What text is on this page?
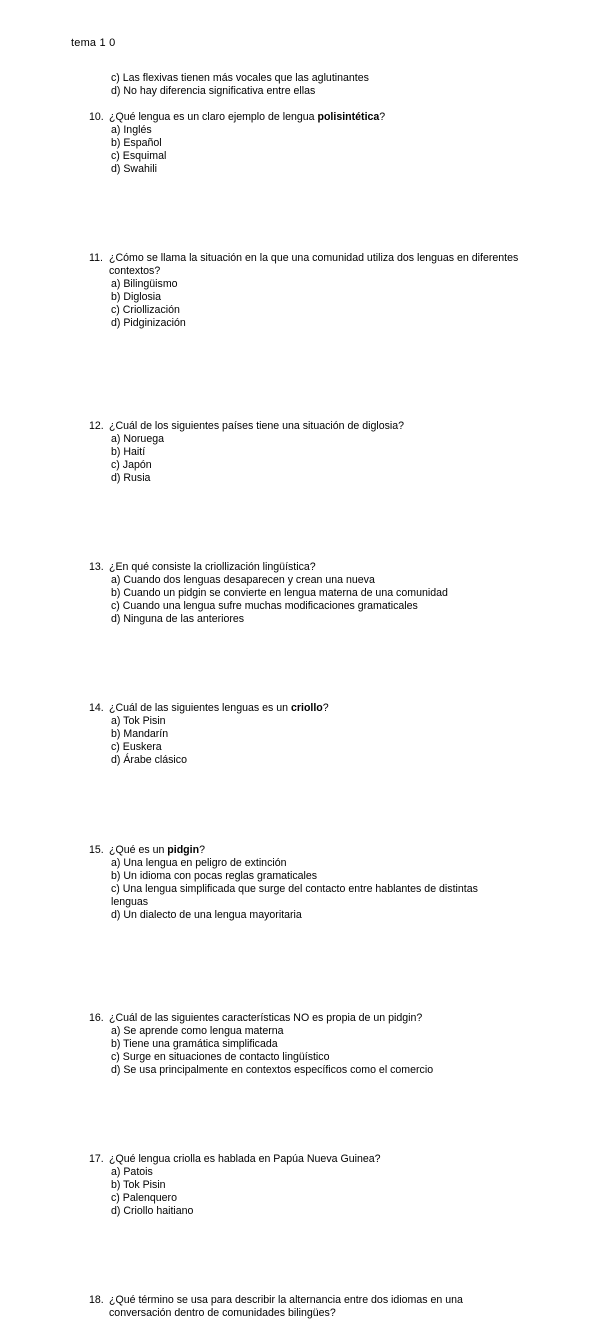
tema 1 0
c) Las flexivas tienen más vocales que las aglutinantes
d) No hay diferencia significativa entre ellas
10. ¿Qué lengua es un claro ejemplo de lengua polisintética?
a) Inglés
b) Español
c) Esquimal
d) Swahili
11. ¿Cómo se llama la situación en la que una comunidad utiliza dos lenguas en diferentes contextos?
a) Bilingüismo
b) Diglosia
c) Criollización
d) Pidginización
12. ¿Cuál de los siguientes países tiene una situación de diglosia?
a) Noruega
b) Haití
c) Japón
d) Rusia
13. ¿En qué consiste la criollización lingüística?
a) Cuando dos lenguas desaparecen y crean una nueva
b) Cuando un pidgin se convierte en lengua materna de una comunidad
c) Cuando una lengua sufre muchas modificaciones gramaticales
d) Ninguna de las anteriores
14. ¿Cuál de las siguientes lenguas es un criollo?
a) Tok Pisin
b) Mandarín
c) Euskera
d) Árabe clásico
15. ¿Qué es un pidgin?
a) Una lengua en peligro de extinción
b) Un idioma con pocas reglas gramaticales
c) Una lengua simplificada que surge del contacto entre hablantes de distintas lenguas
d) Un dialecto de una lengua mayoritaria
16. ¿Cuál de las siguientes características NO es propia de un pidgin?
a) Se aprende como lengua materna
b) Tiene una gramática simplificada
c) Surge en situaciones de contacto lingüístico
d) Se usa principalmente en contextos específicos como el comercio
17. ¿Qué lengua criolla es hablada en Papúa Nueva Guinea?
a) Patois
b) Tok Pisin
c) Palenquero
d) Criollo haitiano
18. ¿Qué término se usa para describir la alternancia entre dos idiomas en una conversación dentro de comunidades bilingües?
